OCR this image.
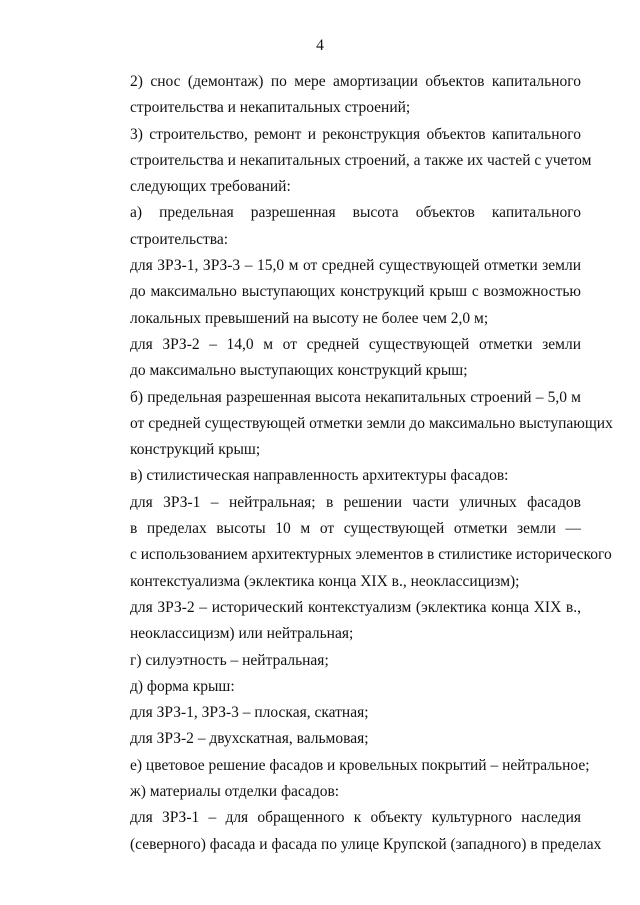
4

2) снос (демонтаж) по мере амортизации объектов капитального
строительства и некапитальных строений;

3) строительство, ремонт и реконструкция объектов капитального
строительства и некапитальных строений, а также их частей с учетом
следующих требований:

а) предельная разрешенная высота объектов капитального
строительства:

для ЗРЗ-1, ЗРЗ-3 – 15,0 м от средней существующей отметки земли
до максимально выступающих конструкций крыш с возможностью
локальных превышений на высоту не более чем 2,0 м;

для ЗРЗ-2 – 14,0 м от средней существующей отметки земли
до максимально выступающих конструкций крыш;

б) предельная разрешенная высота некапитальных строений – 5,0 м
от средней существующей отметки земли до максимально выступающих
конструкций крыш;

в) стилистическая направленность архитектуры фасадов:

для ЗРЗ-1 – нейтральная; в решении части уличных фасадов
в пределах высоты 10 м от существующей отметки земли —
с использованием архитектурных элементов в стилистике исторического
контекстуализма (эклектика конца XIX в., неоклассицизм);

для ЗРЗ-2 – исторический контекстуализм (эклектика конца XIX в.,
неоклассицизм) или нейтральная;

г) силуэтность – нейтральная;

д) форма крыш:

для ЗРЗ-1, ЗРЗ-3 – плоская, скатная;

для ЗРЗ-2 – двухскатная, вальмовая;

е) цветовое решение фасадов и кровельных покрытий – нейтральное;

ж) материалы отделки фасадов:

для ЗРЗ-1 – для обращенного к объекту культурного наследия
(северного) фасада и фасада по улице Крупской (западного) в пределах
